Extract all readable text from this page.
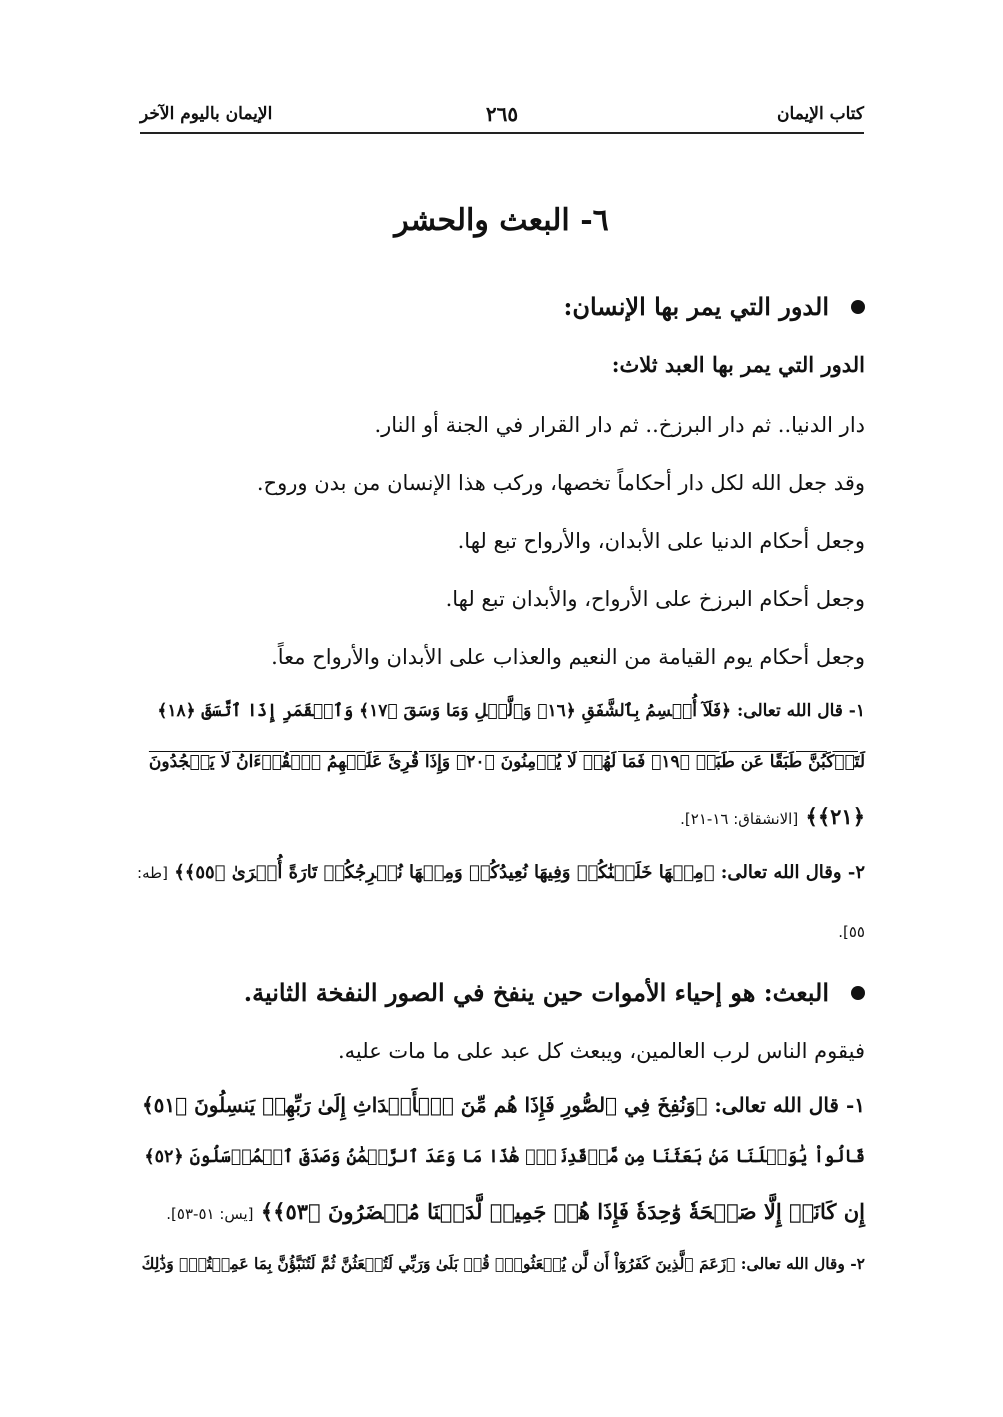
كتاب الإيمان
٢٦٥
الإيمان باليوم الآخر
٦- البعث والحشر
الدور التي يمر بها الإنسان:
الدور التي يمر بها العبد ثلاث:
دار الدنيا.. ثم دار البرزخ.. ثم دار القرار في الجنة أو النار.
وقد جعل الله لكل دار أحكاماً تخصها، وركب هذا الإنسان من بدن وروح.
وجعل أحكام الدنيا على الأبدان، والأرواح تبع لها.
وجعل أحكام البرزخ على الأرواح، والأبدان تبع لها.
وجعل أحكام يوم القيامة من النعيم والعذاب على الأبدان والأرواح معاً.
١- قال الله تعالى: ﴿فَلَآ أُقۡسِمُ بِٱلشَّفَقِ ﴿١٦﴾ وَٱلَّيۡلِ وَمَا وَسَقَ ﴿١٧﴾ وَٱلۡقَمَرِ إِذَا ٱتَّسَقَ ﴿١٨﴾
لَتَرۡكَبُنَّ طَبَقًا عَن طَبَقٖ ﴿١٩﴾ فَمَا لَهُمۡ لَا يُؤۡمِنُونَ ﴿٢٠﴾ وَإِذَا قُرِئَ عَلَيۡهِمُ ٱلۡقُرۡءَانُ لَا يَسۡجُدُونَ
﴿٢١﴾﴾ [الانشقاق: ١٦-٢١].
٢- وقال الله تعالى: ﴿مِنۡهَا خَلَقۡنَٰكُمۡ وَفِيهَا نُعِيدُكُمۡ وَمِنۡهَا نُخۡرِجُكُمۡ تَارَةً أُخۡرَىٰ ﴿٥٥﴾﴾ [طه:
٥٥].
البعث: هو إحياء الأموات حين ينفخ في الصور النفخة الثانية.
فيقوم الناس لرب العالمين، ويبعث كل عبد على ما مات عليه.
١- قال الله تعالى: ﴿وَنُفِخَ فِي ٱلصُّورِ فَإِذَا هُم مِّنَ ٱلۡأَجۡدَاثِ إِلَىٰ رَبِّهِمۡ يَنسِلُونَ ﴿٥١﴾
قَالُواْ يَٰوَيۡلَنَا مَنۢ بَعَثَنَا مِن مَّرۡقَدِنَاۜۗ هَٰذَا مَا وَعَدَ ٱلرَّحۡمَٰنُ وَصَدَقَ ٱلۡمُرۡسَلُونَ ﴿٥٢﴾
إِن كَانَتۡ إِلَّا صَيۡحَةٗ وَٰحِدَةٗ فَإِذَا هُمۡ جَمِيعٞ لَّدَيۡنَا مُحۡضَرُونَ ﴿٥٣﴾﴾ [يس: ٥١-٥٣].
٢- وقال الله تعالى: ﴿زَعَمَ ٱلَّذِينَ كَفَرُوٓاْ أَن لَّن يُبۡعَثُواْۚ قُلۡ بَلَىٰ وَرَبِّي لَتُبۡعَثُنَّ ثُمَّ لَتُنَبَّؤُنَّ بِمَا عَمِلۡتُمۡۚ وَذَٰلِكَ
